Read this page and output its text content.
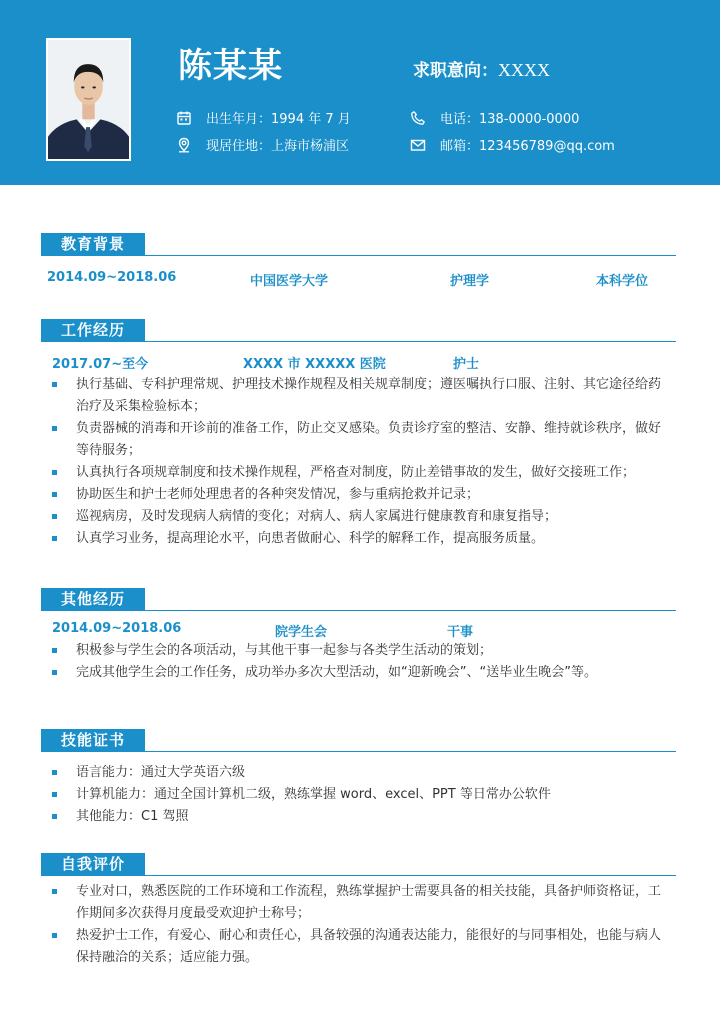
陈某某	求职意向：XXXX
出生年月：1994 年 7 月
现居住地：上海市杨浦区
电话：138-0000-0000
邮箱：123456789@qq.com
教育背景
2014.09~2018.06	中国医学大学	护理学	本科学位
工作经历
2017.07~至今	XXXX 市 XXXXX 医院	护士
执行基础、专科护理常规、护理技术操作规程及相关规章制度；遵医嘱执行口服、注射、其它途径给药治疗及采集检验标本；
负责器械的消毒和开诊前的准备工作，防止交叉感染。负责诊疗室的整洁、安静、维持就诊秩序，做好等待服务；
认真执行各项规章制度和技术操作规程，严格查对制度，防止差错事故的发生，做好交接班工作；
协助医生和护士老师处理患者的各种突发情况，参与重病抢救并记录；
巡视病房，及时发现病人病情的变化；对病人、病人家属进行健康教育和康复指导；
认真学习业务，提高理论水平，向患者做耐心、科学的解释工作，提高服务质量。
其他经历
2014.09~2018.06	院学生会	干事
积极参与学生会的各项活动，与其他干事一起参与各类学生活动的策划；
完成其他学生会的工作任务，成功举办多次大型活动，如“迎新晚会”、“送毕业生晚会”等。
技能证书
语言能力：通过大学英语六级
计算机能力：通过全国计算机二级，熟练掌握 word、excel、PPT 等日常办公软件
其他能力：C1 驾照
自我评价
专业对口，熟悉医院的工作环境和工作流程，熟练掌握护士需要具备的相关技能，具备护师资格证，工作期间多次获得月度最受欢迎护士称号；
热爱护士工作，有爱心、耐心和责任心，具备较强的沟通表达能力，能很好的与同事相处，也能与病人保持融洽的关系；适应能力强。
